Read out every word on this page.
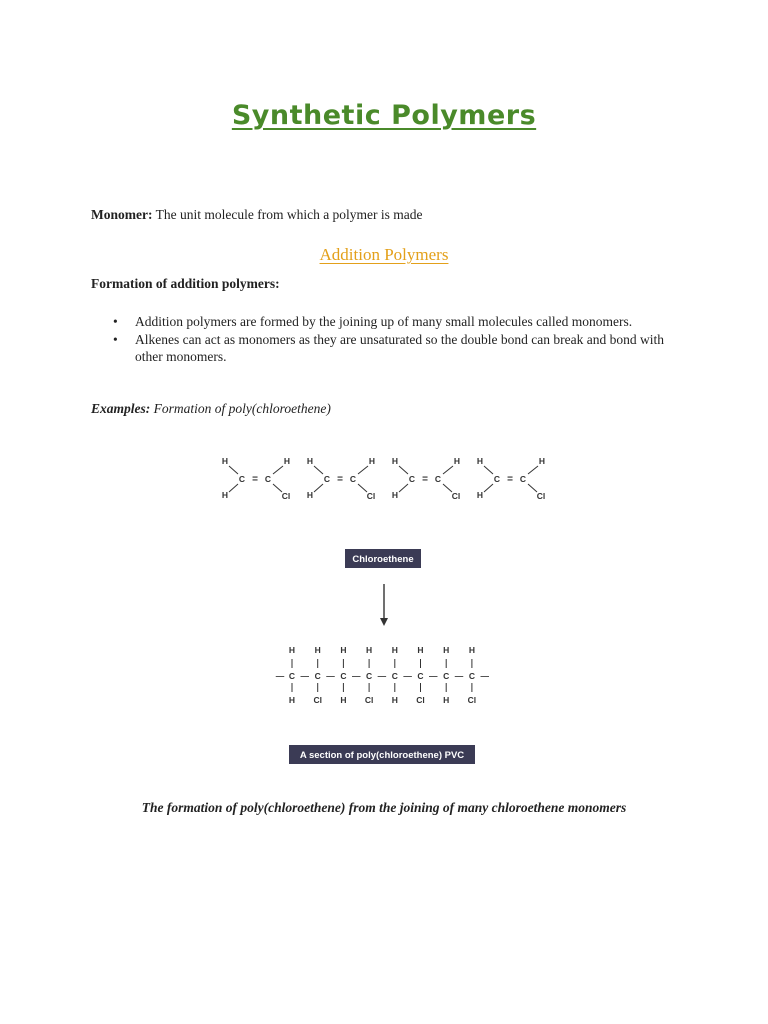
Synthetic Polymers
Monomer: The unit molecule from which a polymer is made
Addition Polymers
Formation of addition polymers:
• Addition polymers are formed by the joining up of many small molecules called monomers.
• Alkenes can act as monomers as they are unsaturated so the double bond can break and bond with other monomers.
Examples: Formation of poly(chloroethene)
H
H
C = C
H
Cl
H
H
C = C
H
Cl
H
H
C = C
H
Cl
H
H
C = C
H
Cl
Chloroethene
—
H
C
H
—
H
C
Cl
—
H
C
H
—
H
C
Cl
—
H
C
H
—
H
C
Cl
—
H
C
H
—
H
C
Cl
—
A section of poly(chloroethene) PVC
The formation of poly(chloroethene) from the joining of many chloroethene monomers
